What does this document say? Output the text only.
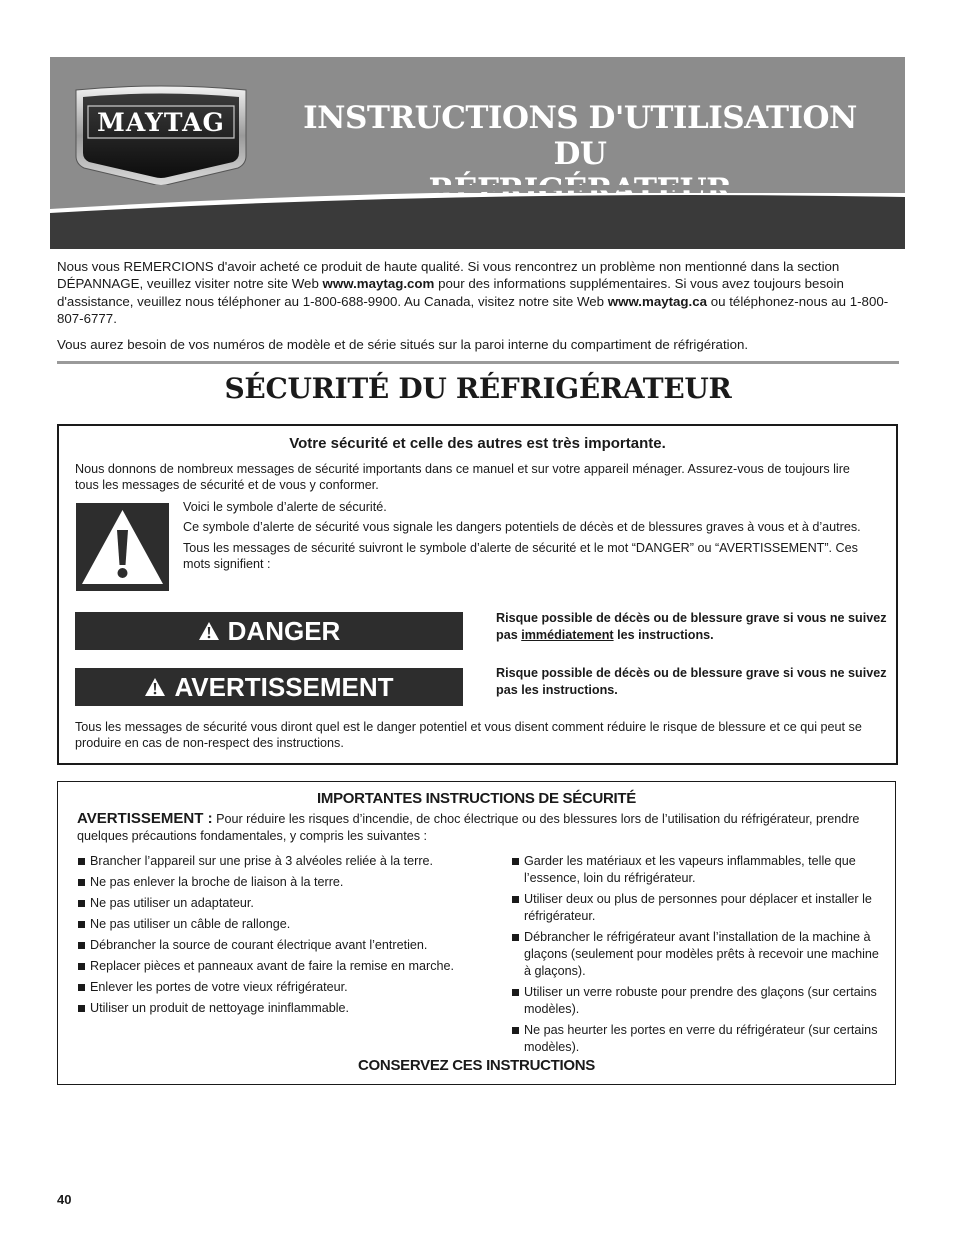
MAYTAG	INSTRUCTIONS D'UTILISATION DU

Nous vous REMERCIONS d'avoir acheté ce produit de haute qualité. Si vous rencontrez un problème non mentionné dans la section DÉPANNAGE, veuillez visiter notre site Web www.maytag.com pour des informations supplémentaires. Si vous avez toujours besoin d'assistance, veuillez nous téléphoner au 1-800-688-9900. Au Canada, visitez notre site Web www.maytag.ca ou téléphonez-nous au 1-800-807-6777.

Vous aurez besoin de vos numéros de modèle et de série situés sur la paroi interne du compartiment de réfrigération.

SÉCURITÉ DU RÉFRIGÉRATEUR
Votre sécurité et celle des autres est très importante.
Nous donnons de nombreux messages de sécurité importants dans ce manuel et sur votre appareil ménager. Assurez-vous de toujours lire tous les messages de sécurité et de vous y conformer.

Voici le symbole d’alerte de sécurité.

Ce symbole d’alerte de sécurité vous signale les dangers potentiels de décès et de blessures graves à vous et à d’autres.

Tous les messages de sécurité suivront le symbole d’alerte de sécurité et le mot “DANGER” ou “AVERTISSEMENT”. Ces mots signifient :

DANGER	Risque possible de décès ou de blessure grave si vous ne suivez pas immédiatement les instructions.
AVERTISSEMENT	Risque possible de décès ou de blessure grave si vous ne suivez pas les instructions.
Tous les messages de sécurité vous diront quel est le danger potentiel et vous disent comment réduire le risque de blessure et ce qui peut se produire en cas de non-respect des instructions.
IMPORTANTES INSTRUCTIONS DE SÉCURITÉ
AVERTISSEMENT : Pour réduire les risques d’incendie, de choc électrique ou des blessures lors de l’utilisation du réfrigérateur, prendre quelques précautions fondamentales, y compris les suivantes :
Brancher l’appareil sur une prise à 3 alvéoles reliée à la terre.
Ne pas enlever la broche de liaison à la terre.
Ne pas utiliser un adaptateur.
Ne pas utiliser un câble de rallonge.
Débrancher la source de courant électrique avant l’entretien.
Replacer pièces et panneaux avant de faire la remise en marche.
Enlever les portes de votre vieux réfrigérateur.
Utiliser un produit de nettoyage ininflammable.
Garder les matériaux et les vapeurs inflammables, telle que l’essence, loin du réfrigérateur.
Utiliser deux ou plus de personnes pour déplacer et installer le réfrigérateur.
Débrancher le réfrigérateur avant l’installation de la machine à glaçons (seulement pour modèles prêts à recevoir une machine à glaçons).
Utiliser un verre robuste pour prendre des glaçons (sur certains modèles).
Ne pas heurter les portes en verre du réfrigérateur (sur certains modèles).
CONSERVEZ CES INSTRUCTIONS
40
